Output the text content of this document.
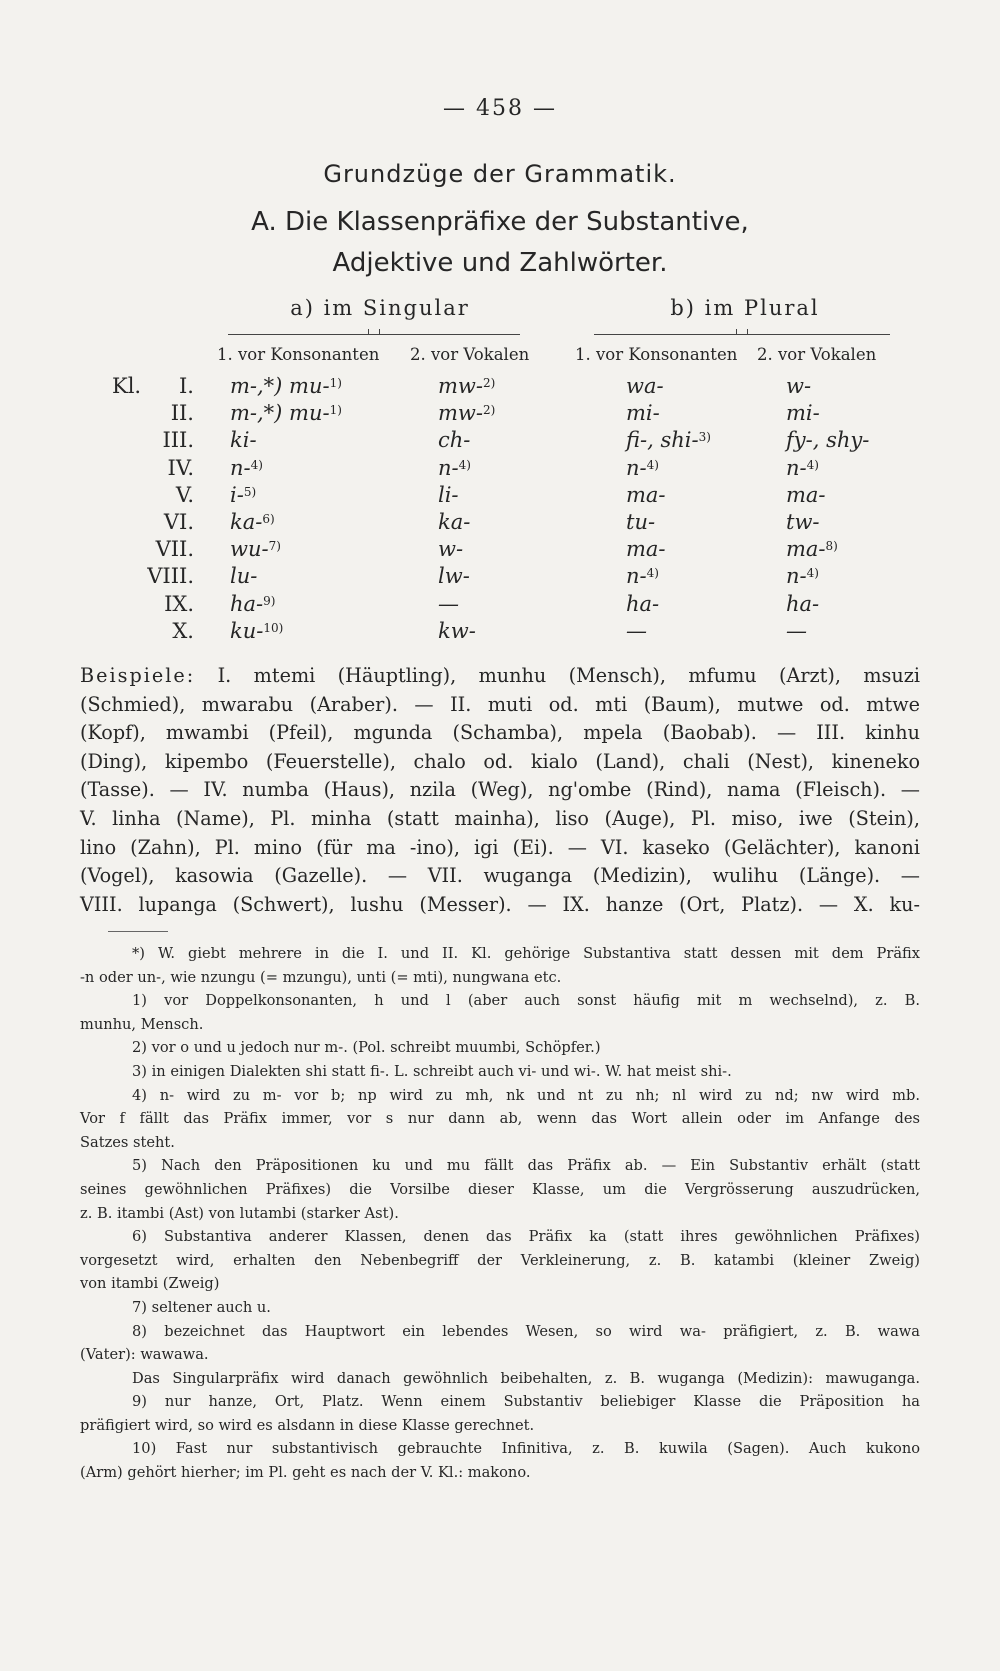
— 458 —
Grundzüge der Grammatik.
A. Die Klassenpräfixe der Substantive,
Adjektive und Zahlwörter.
a) im Singular	b) im Plural
1. vor Konsonanten 2. vor Vokalen	1. vor Konsonanten 2. vor Vokalen
Kl.	I. m-,*) mu-$^{1)}$	mw-$^{2)}$	wa-	w-
II. m-,*) mu-$^{1)}$	mw-$^{2)}$	mi-	mi-
III. ki-	ch-	fi-, shi-$^{3)}$	fy-, shy-
IV. n-$^{4)}$	n-$^{4)}$	n-$^{4)}$	n-$^{4)}$
V. i-$^{5)}$	li-	ma-	ma-
VI. ka-$^{6)}$	ka-	tu-	tw-
VII. wu-$^{7)}$	w-	ma-	ma-$^{8)}$
VIII. lu-	lw-	n-$^{4)}$	n-$^{4)}$
IX. ha-$^{9)}$	—	ha-	ha-
X. ku-$^{10)}$	kw-	—	—
Beispiele: I. mtemi (Häuptling), munhu (Mensch), mfumu (Arzt), msuzi
(Schmied), mwarabu (Araber). — II. muti od. mti (Baum), mutwe od. mtwe
(Kopf), mwambi (Pfeil), mgunda (Schamba), mpela (Baobab). — III. kinhu
(Ding), kipembo (Feuerstelle), chalo od. kialo (Land), chali (Nest), kineneko
(Tasse). — IV. numba (Haus), nzila (Weg), ng'ombe (Rind), nama (Fleisch). —
V. linha (Name), Pl. minha (statt mainha), liso (Auge), Pl. miso, iwe (Stein),
lino (Zahn), Pl. mino (für ma -ino), igi (Ei). — VI. kaseko (Gelächter), kanoni
(Vogel), kasowia (Gazelle). — VII. wuganga (Medizin), wulihu (Länge). —
VIII. lupanga (Schwert), lushu (Messer). — IX. hanze (Ort, Platz). — X. ku-
*) W. giebt mehrere in die I. und II. Kl. gehörige Substantiva statt dessen mit dem Präfix
-n oder un-, wie nzungu (= mzungu), unti (= mti), nungwana etc.
1) vor Doppelkonsonanten, h und l (aber auch sonst häufig mit m wechselnd), z. B.
munhu, Mensch.
2) vor o und u jedoch nur m-. (Pol. schreibt muumbi, Schöpfer.)
3) in einigen Dialekten shi statt fi-. L. schreibt auch vi- und wi-. W. hat meist shi-.
4) n- wird zu m- vor b; np wird zu mh, nk und nt zu nh; nl wird zu nd; nw wird mb.
Vor f fällt das Präfix immer, vor s nur dann ab, wenn das Wort allein oder im Anfange des
Satzes steht.
5) Nach den Präpositionen ku und mu fällt das Präfix ab. — Ein Substantiv erhält (statt
seines gewöhnlichen Präfixes) die Vorsilbe dieser Klasse, um die Vergrösserung auszudrücken,
z. B. itambi (Ast) von lutambi (starker Ast).
6) Substantiva anderer Klassen, denen das Präfix ka (statt ihres gewöhnlichen Präfixes)
vorgesetzt wird, erhalten den Nebenbegriff der Verkleinerung, z. B. katambi (kleiner Zweig)
von itambi (Zweig)
7) seltener auch u.
8) bezeichnet das Hauptwort ein lebendes Wesen, so wird wa- präfigiert, z. B. wawa
(Vater): wawawa.
Das Singularpräfix wird danach gewöhnlich beibehalten, z. B. wuganga (Medizin): mawuganga.
9) nur hanze, Ort, Platz. Wenn einem Substantiv beliebiger Klasse die Präposition ha
präfigiert wird, so wird es alsdann in diese Klasse gerechnet.
10) Fast nur substantivisch gebrauchte Infinitiva, z. B. kuwila (Sagen). Auch kukono
(Arm) gehört hierher; im Pl. geht es nach der V. Kl.: makono.
